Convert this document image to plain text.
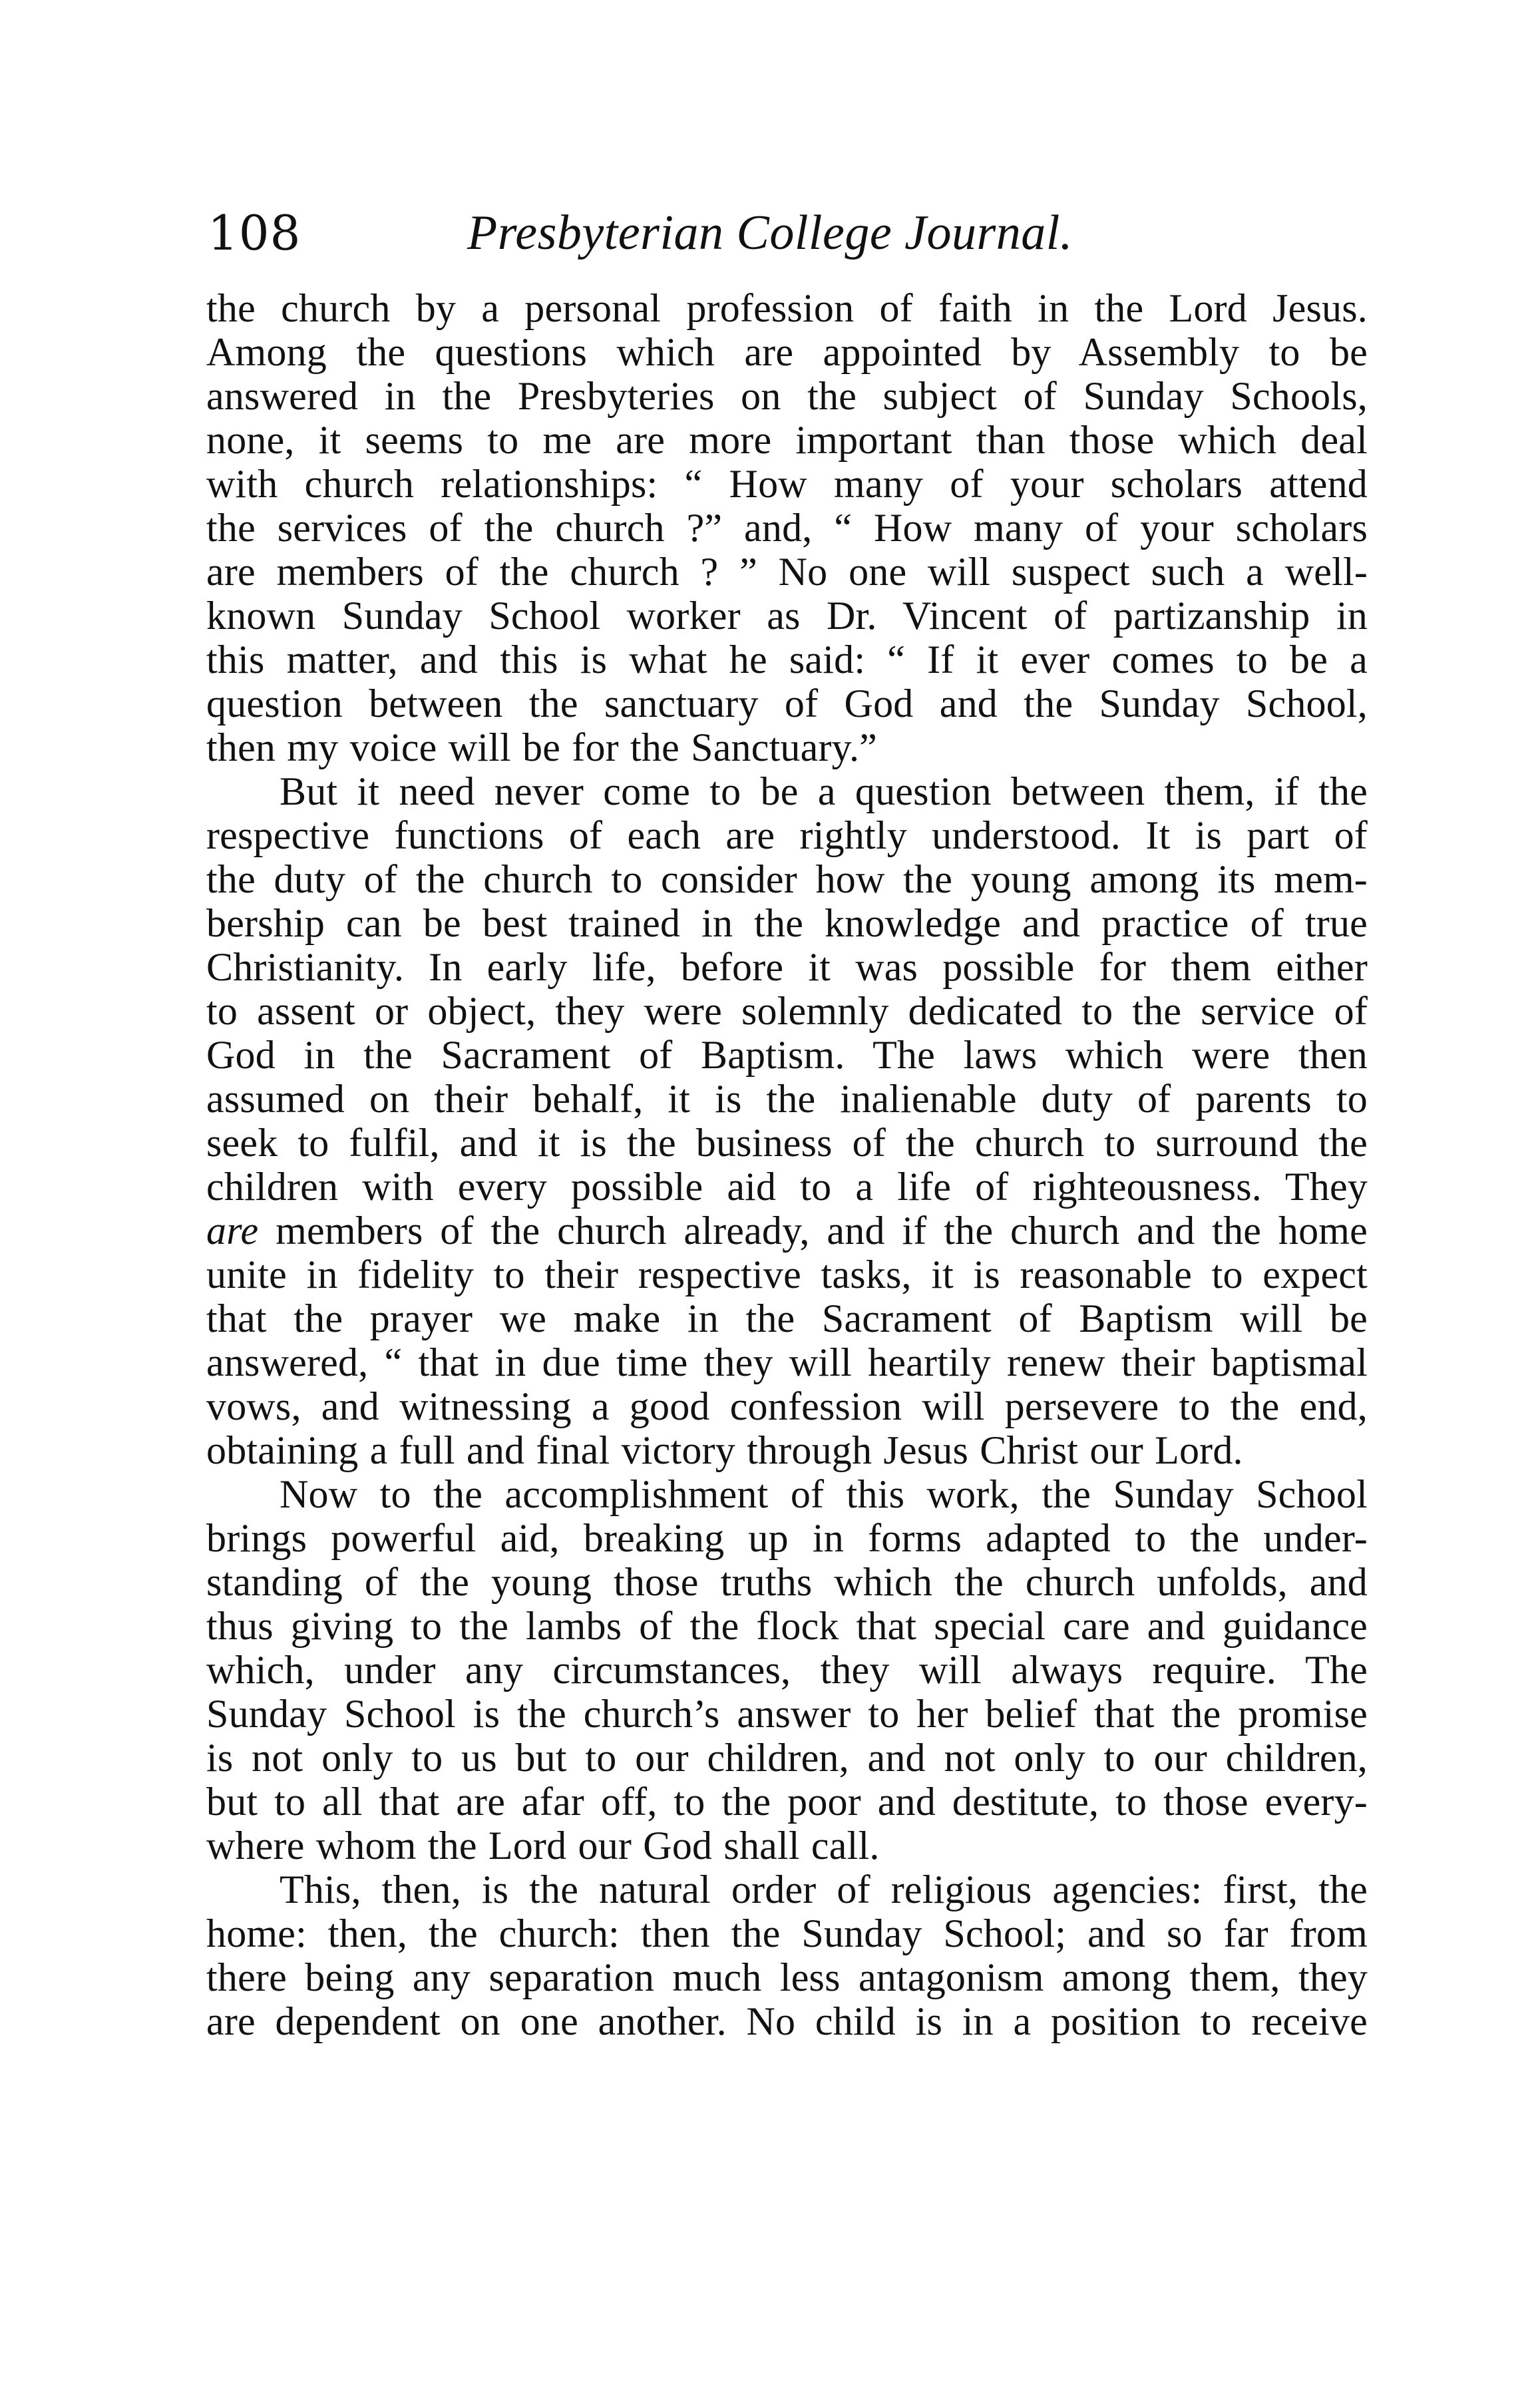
108	Presbyterian College Journal.
the church by a personal profession of faith in the Lord Jesus.
Among the questions which are appointed by Assembly to be
answered in the Presbyteries on the subject of Sunday Schools,
none, it seems to me are more important than those which deal
with church relationships: “ How many of your scholars attend
the services of the church ?” and, “ How many of your scholars
are members of the church ? ” No one will suspect such a well-
known Sunday School worker as Dr. Vincent of partizanship in
this matter, and this is what he said: “ If it ever comes to be a
question between the sanctuary of God and the Sunday School,
then my voice will be for the Sanctuary.”
But it need never come to be a question between them, if the
respective functions of each are rightly understood. It is part of
the duty of the church to consider how the young among its mem-
bership can be best trained in the knowledge and practice of true
Christianity. In early life, before it was possible for them either
to assent or object, they were solemnly dedicated to the service of
God in the Sacrament of Baptism. The laws which were then
assumed on their behalf, it is the inalienable duty of parents to
seek to fulfil, and it is the business of the church to surround the
children with every possible aid to a life of righteousness. They
are members of the church already, and if the church and the home
unite in fidelity to their respective tasks, it is reasonable to expect
that the prayer we make in the Sacrament of Baptism will be
answered, “ that in due time they will heartily renew their baptismal
vows, and witnessing a good confession will persevere to the end,
obtaining a full and final victory through Jesus Christ our Lord.
Now to the accomplishment of this work, the Sunday School
brings powerful aid, breaking up in forms adapted to the under-
standing of the young those truths which the church unfolds, and
thus giving to the lambs of the flock that special care and guidance
which, under any circumstances, they will always require. The
Sunday School is the church’s answer to her belief that the promise
is not only to us but to our children, and not only to our children,
but to all that are afar off, to the poor and destitute, to those every-
where whom the Lord our God shall call.
This, then, is the natural order of religious agencies: first, the
home: then, the church: then the Sunday School; and so far from
there being any separation much less antagonism among them, they
are dependent on one another. No child is in a position to receive
